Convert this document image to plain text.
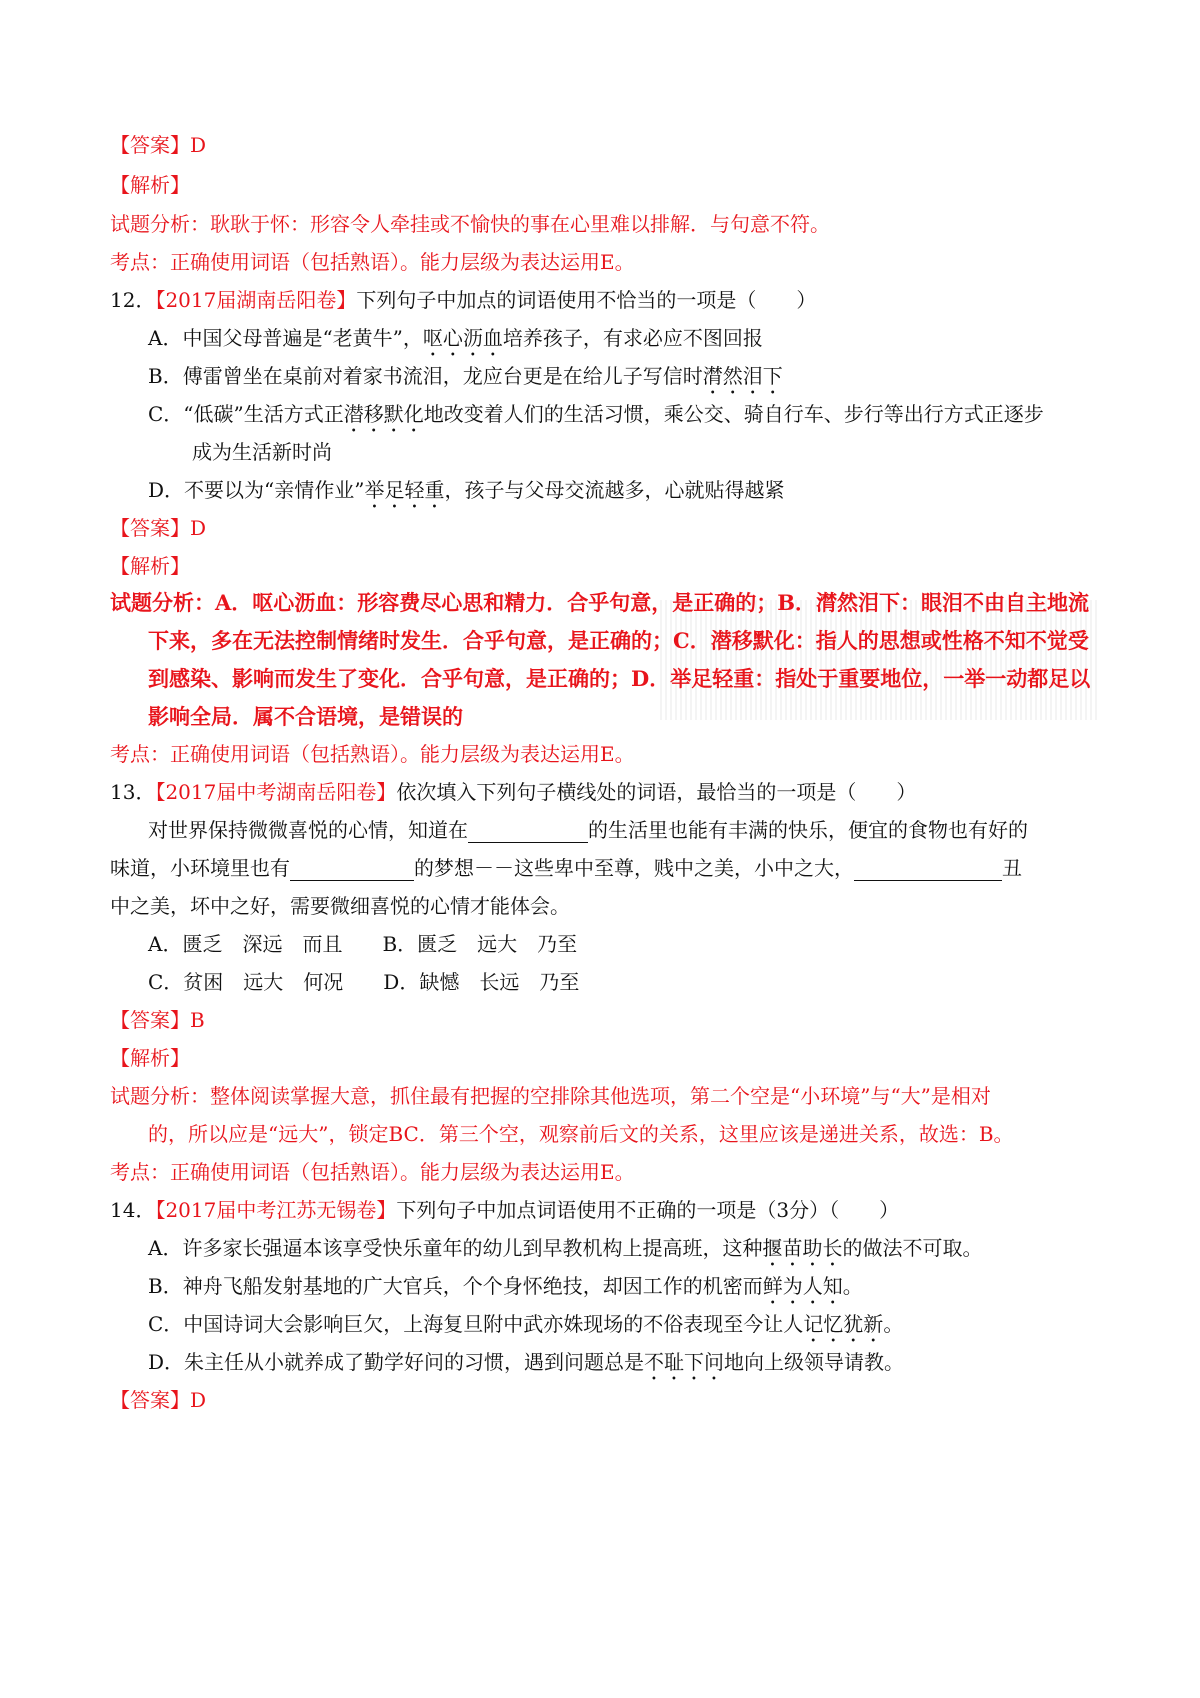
【答案】D
【解析】
试题分析：耿耿于怀：形容令人牵挂或不愉快的事在心里难以排解．与句意不符。
考点：正确使用词语（包括熟语）。能力层级为表达运用E。
12．【2017届湖南岳阳卷】下列句子中加点的词语使用不恰当的一项是（　　）
A．中国父母普遍是“老黄牛”，呕心沥血培养孩子，有求必应不图回报
B．傅雷曾坐在桌前对着家书流泪，龙应台更是在给儿子写信时潸然泪下
C．“低碳”生活方式正潜移默化地改变着人们的生活习惯，乘公交、骑自行车、步行等出行方式正逐步
成为生活新时尚
D．不要以为“亲情作业”举足轻重，孩子与父母交流越多，心就贴得越紧
【答案】D
【解析】
试题分析：A．呕心沥血：形容费尽心思和精力．合乎句意，是正确的；B．潸然泪下：眼泪不由自主地流
下来，多在无法控制情绪时发生．合乎句意，是正确的；C．潜移默化：指人的思想或性格不知不觉受
到感染、影响而发生了变化．合乎句意，是正确的；D．举足轻重：指处于重要地位，一举一动都足以
影响全局．属不合语境，是错误的
考点：正确使用词语（包括熟语）。能力层级为表达运用E。
13．【2017届中考湖南岳阳卷】依次填入下列句子横线处的词语，最恰当的一项是（　　）
对世界保持微微喜悦的心情，知道在	的生活里也能有丰满的快乐，便宜的食物也有好的
味道，小环境里也有	的梦想－－这些卑中至尊，贱中之美，小中之大，	丑
中之美，坏中之好，需要微细喜悦的心情才能体会。
A．匮乏　深远　而且　　B．匮乏　远大　乃至
C．贫困　远大　何况　　D．缺憾　长远　乃至
【答案】B
【解析】
试题分析：整体阅读掌握大意，抓住最有把握的空排除其他选项，第二个空是“小环境”与“大”是相对
的，所以应是“远大”，锁定BC．第三个空，观察前后文的关系，这里应该是递进关系，故选：B。
考点：正确使用词语（包括熟语）。能力层级为表达运用E。
14．【2017届中考江苏无锡卷】下列句子中加点词语使用不正确的一项是（3分）（　　）
A．许多家长强逼本该享受快乐童年的幼儿到早教机构上提高班，这种揠苗助长的做法不可取。
B．神舟飞船发射基地的广大官兵，个个身怀绝技，却因工作的机密而鲜为人知。
C．中国诗词大会影响巨欠，上海复旦附中武亦姝现场的不俗表现至今让人记忆犹新。
D．朱主任从小就养成了勤学好问的习惯，遇到问题总是不耻下问地向上级领导请教。
【答案】D
